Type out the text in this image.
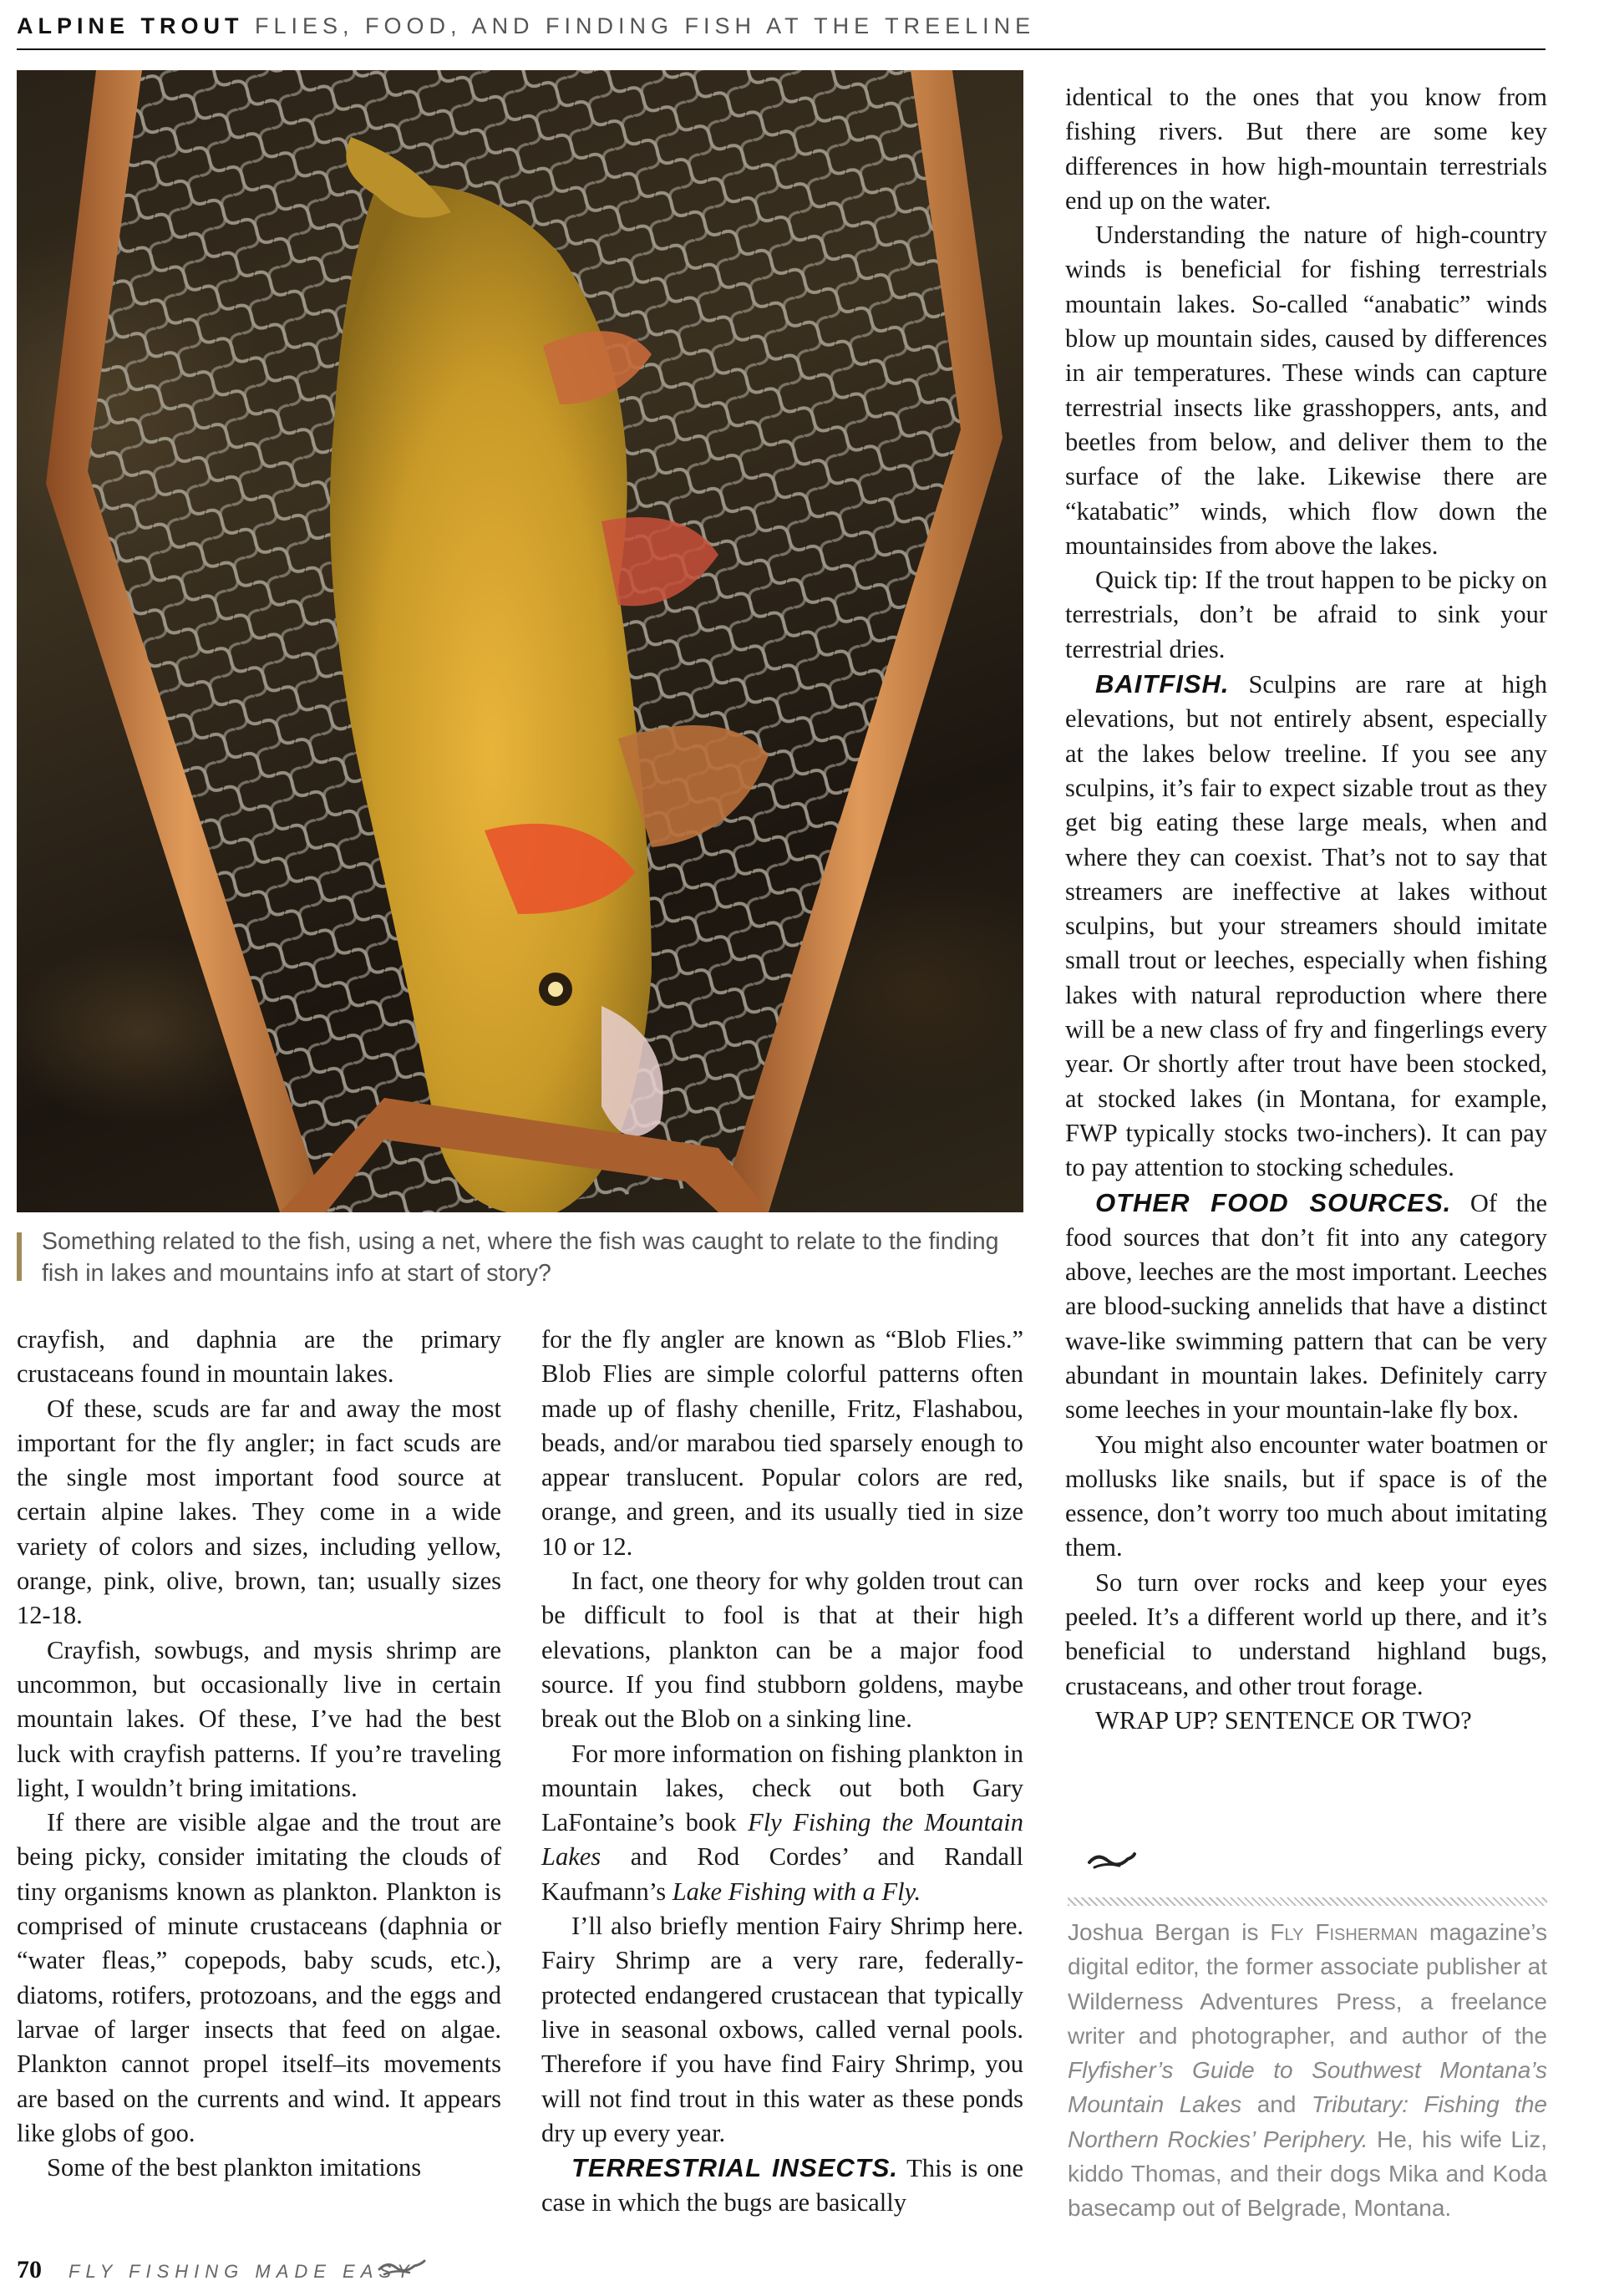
ALPINE TROUT FLIES, FOOD, AND FINDING FISH AT THE TREELINE
Something related to the fish, using a net, where the fish was caught to relate to the finding fish in lakes and mountains info at start of story?

crayfish, and daphnia are the primary crustaceans found in mountain lakes.

Of these, scuds are far and away the most important for the fly angler; in fact scuds are the single most important food source at certain alpine lakes. They come in a wide variety of colors and sizes, including yellow, orange, pink, olive, brown, tan; usually sizes 12-18.

Crayfish, sowbugs, and mysis shrimp are uncommon, but occasionally live in certain mountain lakes. Of these, I’ve had the best luck with crayfish patterns. If you’re traveling light, I wouldn’t bring imitations.

If there are visible algae and the trout are being picky, consider imitating the clouds of tiny organisms known as plankton. Plankton is comprised of minute crustaceans (daphnia or “water fleas,” copepods, baby scuds, etc.), diatoms, rotifers, protozoans, and the eggs and larvae of larger insects that feed on algae. Plankton cannot propel itself–its movements are based on the currents and wind. It appears like globs of goo.

Some of the best plankton imitations

for the fly angler are known as “Blob Flies.” Blob Flies are simple colorful patterns often made up of flashy chenille, Fritz, Flashabou, beads, and/or marabou tied sparsely enough to appear translucent. Popular colors are red, orange, and green, and its usually tied in size 10 or 12.

In fact, one theory for why golden trout can be difficult to fool is that at their high elevations, plankton can be a major food source. If you find stubborn goldens, maybe break out the Blob on a sinking line.

For more information on fishing plankton in mountain lakes, check out both Gary LaFontaine’s book Fly Fishing the Mountain Lakes and Rod Cordes’ and Randall Kaufmann’s Lake Fishing with a Fly.

I’ll also briefly mention Fairy Shrimp here. Fairy Shrimp are a very rare, federally-protected endangered crustacean that typically live in seasonal oxbows, called vernal pools. Therefore if you have find Fairy Shrimp, you will not find trout in this water as these ponds dry up every year.

TERRESTRIAL INSECTS. This is one case in which the bugs are basically

identical to the ones that you know from fishing rivers. But there are some key differences in how high-mountain terrestrials end up on the water.

Understanding the nature of high-country winds is beneficial for fishing terrestrials mountain lakes. So-called “anabatic” winds blow up mountain sides, caused by differences in air temperatures. These winds can capture terrestrial insects like grasshoppers, ants, and beetles from below, and deliver them to the surface of the lake. Likewise there are “katabatic” winds, which flow down the mountainsides from above the lakes.

Quick tip: If the trout happen to be picky on terrestrials, don’t be afraid to sink your terrestrial dries.

BAITFISH. Sculpins are rare at high elevations, but not entirely absent, especially at the lakes below treeline. If you see any sculpins, it’s fair to expect sizable trout as they get big eating these large meals, when and where they can coexist. That’s not to say that streamers are ineffective at lakes without sculpins, but your streamers should imitate small trout or leeches, especially when fishing lakes with natural reproduction where there will be a new class of fry and fingerlings every year. Or shortly after trout have been stocked, at stocked lakes (in Montana, for example, FWP typically stocks two-inchers). It can pay to pay attention to stocking schedules.

OTHER FOOD SOURCES. Of the food sources that don’t fit into any category above, leeches are the most important. Leeches are blood-sucking annelids that have a distinct wave-like swimming pattern that can be very abundant in mountain lakes. Definitely carry some leeches in your mountain-lake fly box.

You might also encounter water boatmen or mollusks like snails, but if space is of the essence, don’t worry too much about imitating them.

So turn over rocks and keep your eyes peeled. It’s a different world up there, and it’s beneficial to understand highland bugs, crustaceans, and other trout forage.

WRAP UP? SENTENCE OR TWO?

Joshua Bergan is Fly Fisherman magazine’s digital editor, the former associate publisher at Wilderness Adventures Press, a freelance writer and photographer, and author of the Flyfisher’s Guide to Southwest Montana’s Mountain Lakes and Tributary: Fishing the Northern Rockies’ Periphery. He, his wife Liz, kiddo Thomas, and their dogs Mika and Koda basecamp out of Belgrade, Montana.
70 FLY FISHING MADE EASY
